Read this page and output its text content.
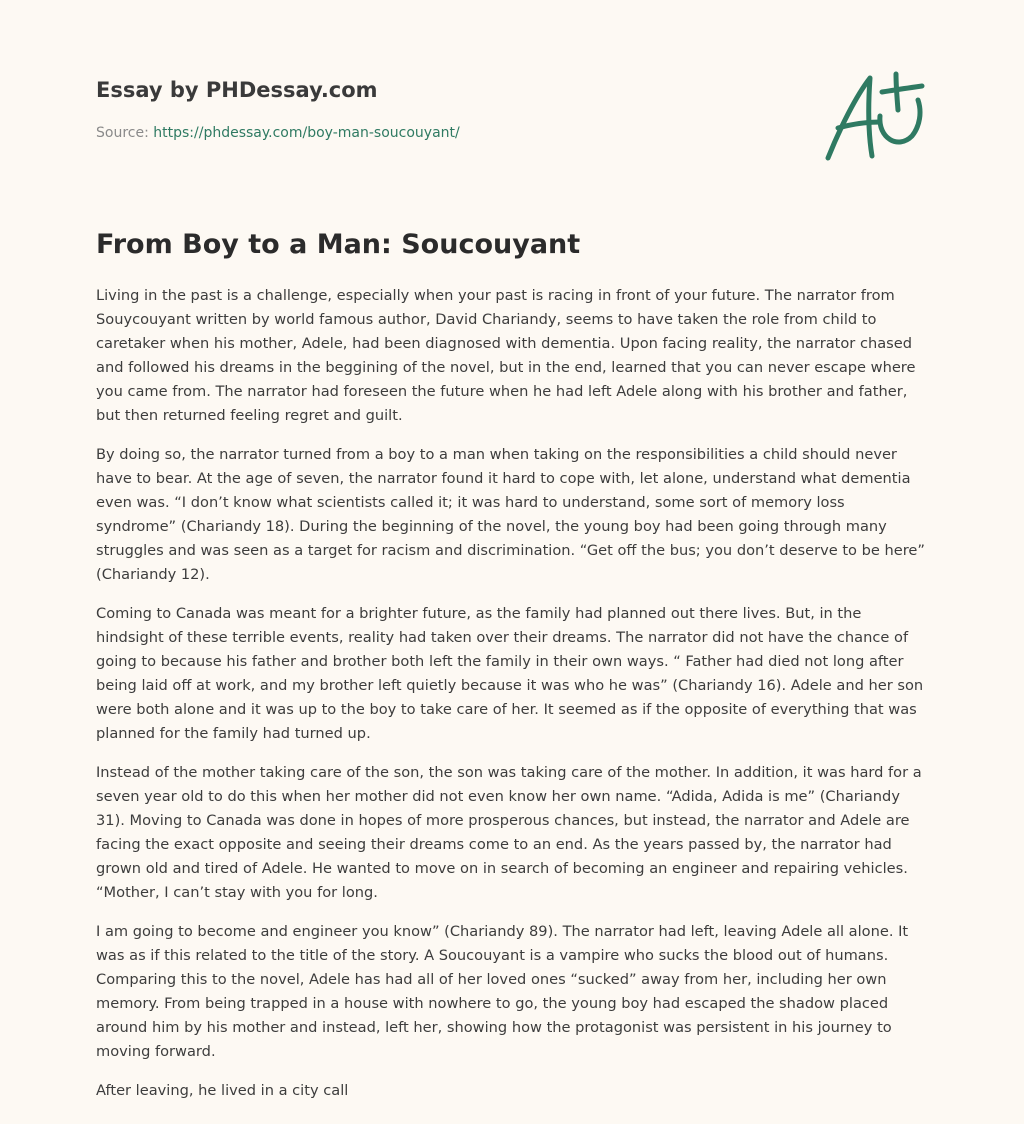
Essay by PHDessay.com
Source: https://phdessay.com/boy-man-soucouyant/
From Boy to a Man: Soucouyant

Living in the past is a challenge, especially when your past is racing in front of your future. The narrator from Souycouyant written by world famous author, David Chariandy, seems to have taken the role from child to caretaker when his mother, Adele, had been diagnosed with dementia. Upon facing reality, the narrator chased and followed his dreams in the beggining of the novel, but in the end, learned that you can never escape where you came from. The narrator had foreseen the future when he had left Adele along with his brother and father, but then returned feeling regret and guilt.

By doing so, the narrator turned from a boy to a man when taking on the responsibilities a child should never have to bear. At the age of seven, the narrator found it hard to cope with, let alone, understand what dementia even was. “I don’t know what scientists called it; it was hard to understand, some sort of memory loss syndrome” (Chariandy 18). During the beginning of the novel, the young boy had been going through many struggles and was seen as a target for racism and discrimination. “Get off the bus; you don’t deserve to be here” (Chariandy 12).

Coming to Canada was meant for a brighter future, as the family had planned out there lives. But, in the hindsight of these terrible events, reality had taken over their dreams. The narrator did not have the chance of going to because his father and brother both left the family in their own ways. “ Father had died not long after being laid off at work, and my brother left quietly because it was who he was” (Chariandy 16). Adele and her son were both alone and it was up to the boy to take care of her. It seemed as if the opposite of everything that was planned for the family had turned up.

Instead of the mother taking care of the son, the son was taking care of the mother. In addition, it was hard for a seven year old to do this when her mother did not even know her own name. “Adida, Adida is me” (Chariandy 31). Moving to Canada was done in hopes of more prosperous chances, but instead, the narrator and Adele are facing the exact opposite and seeing their dreams come to an end. As the years passed by, the narrator had grown old and tired of Adele. He wanted to move on in search of becoming an engineer and repairing vehicles. “Mother, I can’t stay with you for long.

I am going to become and engineer you know” (Chariandy 89). The narrator had left, leaving Adele all alone. It was as if this related to the title of the story. A Soucouyant is a vampire who sucks the blood out of humans. Comparing this to the novel, Adele has had all of her loved ones “sucked” away from her, including her own memory. From being trapped in a house with nowhere to go, the young boy had escaped the shadow placed around him by his mother and instead, left her, showing how the protagonist was persistent in his journey to moving forward.

After leaving, he lived in a city call
